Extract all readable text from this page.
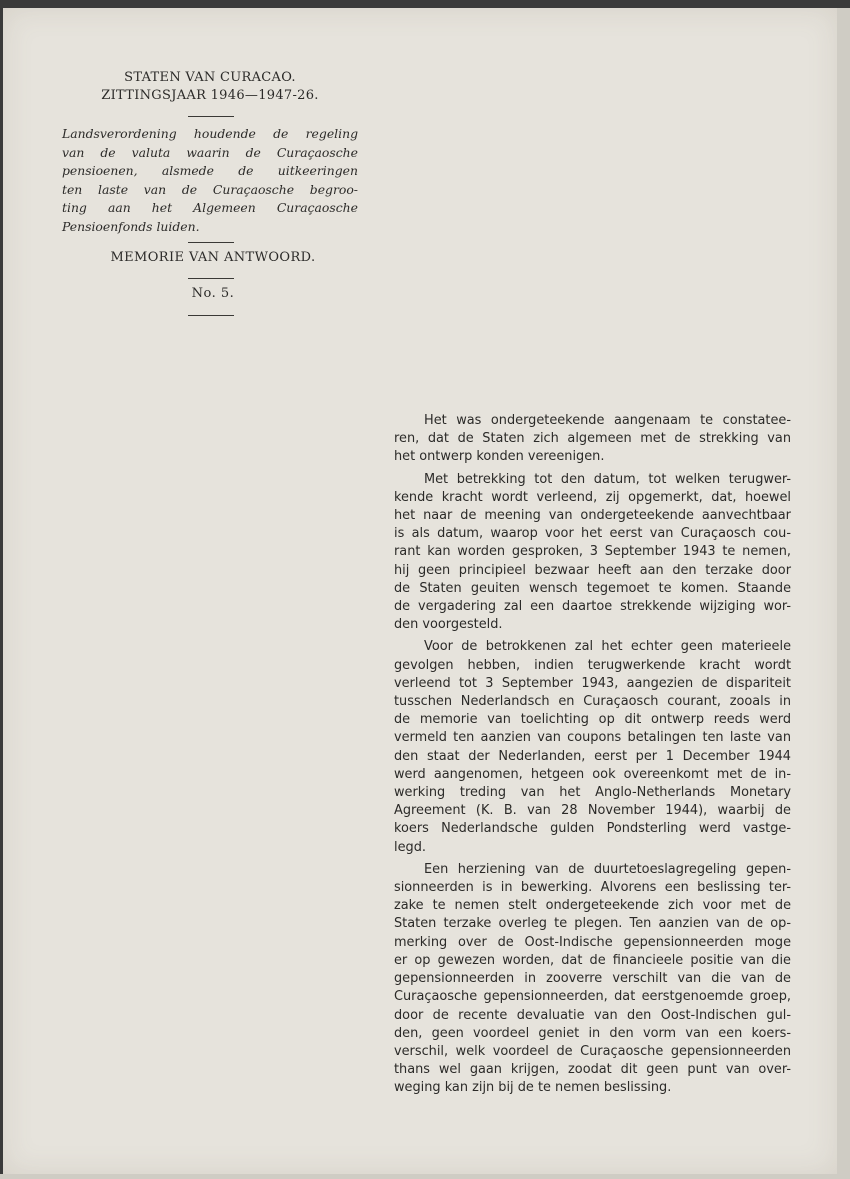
STATEN VAN CURACAO.
ZITTINGSJAAR 1946—1947-26.
Landsverordening houdende de regeling
van de valuta waarin de Curaçaosche
pensioenen, alsmede de uitkeeringen
ten laste van de Curaçaosche begroo-
ting aan het Algemeen Curaçaosche
Pensioenfonds luiden.
MEMORIE VAN ANTWOORD.
No. 5.

Het was ondergeteekende aangenaam te constatee-
ren, dat de Staten zich algemeen met de strekking van
het ontwerp konden vereenigen.

Met betrekking tot den datum, tot welken terugwer-
kende kracht wordt verleend, zij opgemerkt, dat, hoewel
het naar de meening van ondergeteekende aanvechtbaar
is als datum, waarop voor het eerst van Curaçaosch cou-
rant kan worden gesproken, 3 September 1943 te nemen,
hij geen principieel bezwaar heeft aan den terzake door
de Staten geuiten wensch tegemoet te komen. Staande
de vergadering zal een daartoe strekkende wijziging wor-
den voorgesteld.

Voor de betrokkenen zal het echter geen materieele
gevolgen hebben, indien terugwerkende kracht wordt
verleend tot 3 September 1943, aangezien de dispariteit
tusschen Nederlandsch en Curaçaosch courant, zooals in
de memorie van toelichting op dit ontwerp reeds werd
vermeld ten aanzien van coupons betalingen ten laste van
den staat der Nederlanden, eerst per 1 December 1944
werd aangenomen, hetgeen ook overeenkomt met de in-
werking treding van het Anglo-Netherlands Monetary
Agreement (K. B. van 28 November 1944), waarbij de
koers Nederlandsche gulden Pondsterling werd vastge-
legd.

Een herziening van de duurtetoeslagregeling gepen-
sionneerden is in bewerking. Alvorens een beslissing ter-
zake te nemen stelt ondergeteekende zich voor met de
Staten terzake overleg te plegen. Ten aanzien van de op-
merking over de Oost-Indische gepensionneerden moge
er op gewezen worden, dat de financieele positie van die
gepensionneerden in zooverre verschilt van die van de
Curaçaosche gepensionneerden, dat eerstgenoemde groep,
door de recente devaluatie van den Oost-Indischen gul-
den, geen voordeel geniet in den vorm van een koers-
verschil, welk voordeel de Curaçaosche gepensionneerden
thans wel gaan krijgen, zoodat dit geen punt van over-
weging kan zijn bij de te nemen beslissing.
